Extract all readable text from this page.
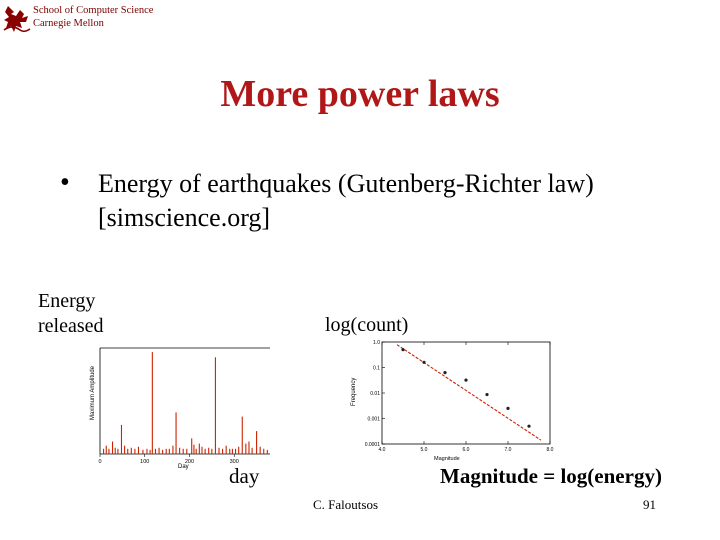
School of Computer Science
Carnegie Mellon
More power laws
• Energy of earthquakes (Gutenberg-Richter law) [simscience.org]
Energy released	log(count)
day	Magnitude = log(energy)
Maximum Amplitude
Day
0	100	200	300
Frequency
Magnitude
4.0	5.0	6.0	7.0	8.0
1.0
0.1
0.01
0.001
0.0001
C. Faloutsos	91
